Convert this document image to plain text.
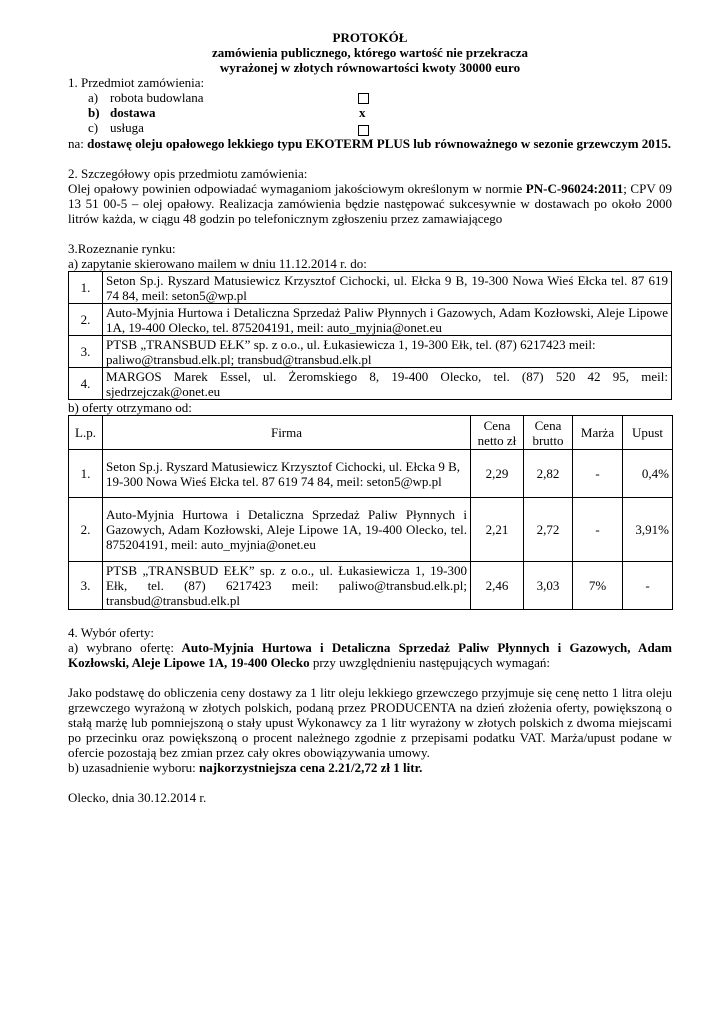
PROTOKÓŁ

zamówienia publicznego, którego wartość nie przekracza

wyrażonej w złotych równowartości kwoty 30000 euro

1. Przedmiot zamówienia:

a) robota budowlana
b) dostawa	x
c) usługa

na: dostawę oleju opałowego lekkiego typu EKOTERM PLUS lub równoważnego w sezonie grzewczym 2015.

2. Szczegółowy opis przedmiotu zamówienia:

Olej opałowy powinien odpowiadać wymaganiom jakościowym określonym w normie PN-C-96024:2011; CPV 09 13 51 00-5 – olej opałowy. Realizacja zamówienia będzie następować sukcesywnie w dostawach po około 2000 litrów każda, w ciągu 48 godzin po telefonicznym zgłoszeniu przez zamawiającego

3.Rozeznanie rynku:

a) zapytanie skierowano mailem w dniu 11.12.2014 r. do:

1.	Seton Sp.j. Ryszard Matusiewicz Krzysztof Cichocki, ul. Ełcka 9 B, 19-300 Nowa Wieś Ełcka tel. 87 619 74 84, meil: seton5@wp.pl
2.	Auto-Myjnia Hurtowa i Detaliczna Sprzedaż Paliw Płynnych i Gazowych, Adam Kozłowski, Aleje Lipowe 1A, 19-400 Olecko, tel. 875204191, meil: auto_myjnia@onet.eu
3.	PTSB „TRANSBUD EŁK” sp. z o.o., ul. Łukasiewicza 1, 19-300 Ełk, tel. (87) 6217423 meil: paliwo@transbud.elk.pl; transbud@transbud.elk.pl
4.	MARGOS Marek Essel, ul. Żeromskiego 8, 19-400 Olecko, tel. (87) 520 42 95, meil: sjedrzejczak@onet.eu

b) oferty otrzymano od:

L.p.	Firma	Cena netto zł	Cena brutto	Marża	Upust
1.	Seton Sp.j. Ryszard Matusiewicz Krzysztof Cichocki, ul. Ełcka 9 B, 19-300 Nowa Wieś Ełcka tel. 87 619 74 84, meil: seton5@wp.pl	2,29	2,82	-	0,4%
2.	Auto-Myjnia Hurtowa i Detaliczna Sprzedaż Paliw Płynnych i Gazowych, Adam Kozłowski, Aleje Lipowe 1A, 19-400 Olecko, tel. 875204191, meil: auto_myjnia@onet.eu	2,21	2,72	-	3,91%
3.	PTSB „TRANSBUD EŁK” sp. z o.o., ul. Łukasiewicza 1, 19-300 Ełk, tel. (87) 6217423 meil: paliwo@transbud.elk.pl; transbud@transbud.elk.pl	2,46	3,03	7%	-

4. Wybór oferty:

a) wybrano ofertę: Auto-Myjnia Hurtowa i Detaliczna Sprzedaż Paliw Płynnych i Gazowych, Adam Kozłowski, Aleje Lipowe 1A, 19-400 Olecko przy uwzględnieniu następujących wymagań:

Jako podstawę do obliczenia ceny dostawy za 1 litr oleju lekkiego grzewczego przyjmuje się cenę netto 1 litra oleju grzewczego wyrażoną w złotych polskich, podaną przez PRODUCENTA na dzień złożenia oferty, powiększoną o stałą marżę lub pomniejszoną o stały upust Wykonawcy za 1 litr wyrażony w złotych polskich z dwoma miejscami po przecinku oraz powiększoną o procent należnego zgodnie z przepisami podatku VAT. Marża/upust podane w ofercie pozostają bez zmian przez cały okres obowiązywania umowy.

b) uzasadnienie wyboru: najkorzystniejsza cena 2.21/2,72 zł 1 litr.

Olecko, dnia 30.12.2014 r.
